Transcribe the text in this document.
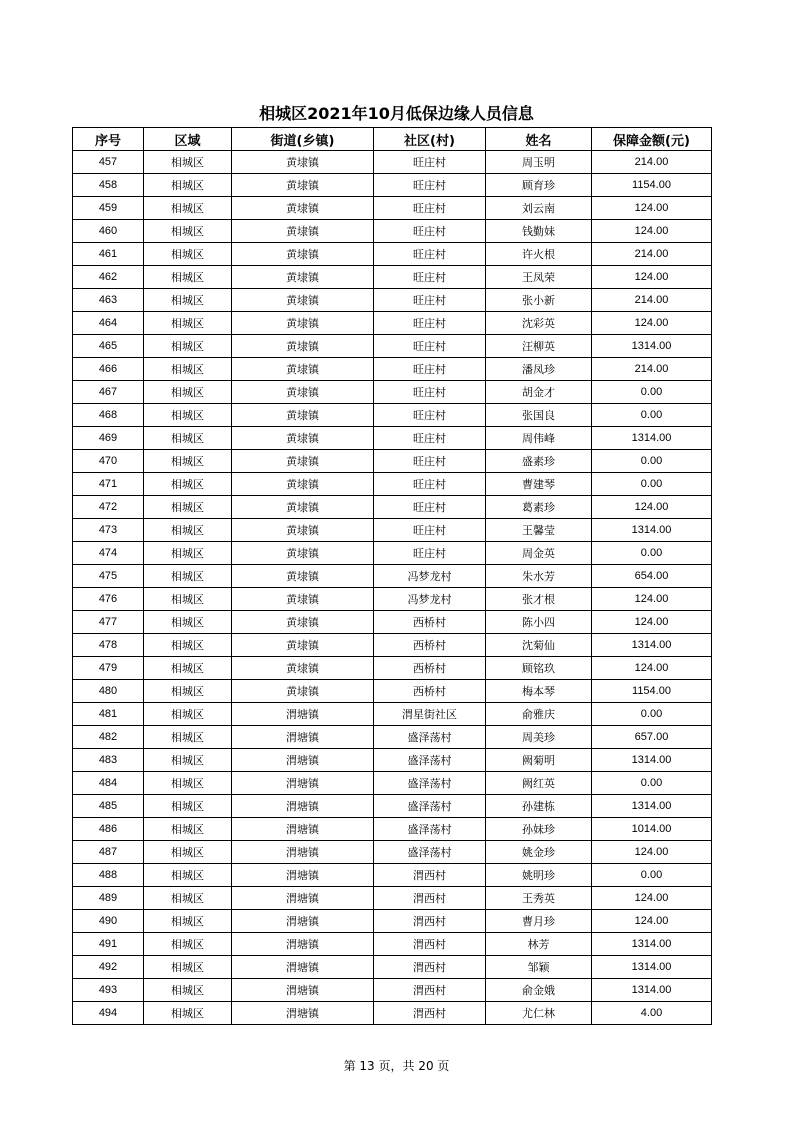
相城区2021年10月低保边缘人员信息
序号	区域	街道(乡镇)	社区(村)	姓名	保障金额(元)
457	相城区	黄埭镇	旺庄村	周玉明	214.00
458	相城区	黄埭镇	旺庄村	顾育珍	1154.00
459	相城区	黄埭镇	旺庄村	刘云南	124.00
460	相城区	黄埭镇	旺庄村	钱勤妹	124.00
461	相城区	黄埭镇	旺庄村	许火根	214.00
462	相城区	黄埭镇	旺庄村	王凤荣	124.00
463	相城区	黄埭镇	旺庄村	张小新	214.00
464	相城区	黄埭镇	旺庄村	沈彩英	124.00
465	相城区	黄埭镇	旺庄村	汪柳英	1314.00
466	相城区	黄埭镇	旺庄村	潘凤珍	214.00
467	相城区	黄埭镇	旺庄村	胡金才	0.00
468	相城区	黄埭镇	旺庄村	张国良	0.00
469	相城区	黄埭镇	旺庄村	周伟峰	1314.00
470	相城区	黄埭镇	旺庄村	盛素珍	0.00
471	相城区	黄埭镇	旺庄村	曹建琴	0.00
472	相城区	黄埭镇	旺庄村	葛素珍	124.00
473	相城区	黄埭镇	旺庄村	王馨莹	1314.00
474	相城区	黄埭镇	旺庄村	周金英	0.00
475	相城区	黄埭镇	冯梦龙村	朱水芳	654.00
476	相城区	黄埭镇	冯梦龙村	张才根	124.00
477	相城区	黄埭镇	西桥村	陈小四	124.00
478	相城区	黄埭镇	西桥村	沈菊仙	1314.00
479	相城区	黄埭镇	西桥村	顾铭玖	124.00
480	相城区	黄埭镇	西桥村	梅本琴	1154.00
481	相城区	渭塘镇	渭星街社区	俞雅庆	0.00
482	相城区	渭塘镇	盛泽荡村	周美珍	657.00
483	相城区	渭塘镇	盛泽荡村	阙菊明	1314.00
484	相城区	渭塘镇	盛泽荡村	阙红英	0.00
485	相城区	渭塘镇	盛泽荡村	孙建栋	1314.00
486	相城区	渭塘镇	盛泽荡村	孙妹珍	1014.00
487	相城区	渭塘镇	盛泽荡村	姚金珍	124.00
488	相城区	渭塘镇	渭西村	姚明珍	0.00
489	相城区	渭塘镇	渭西村	王秀英	124.00
490	相城区	渭塘镇	渭西村	曹月珍	124.00
491	相城区	渭塘镇	渭西村	林芳	1314.00
492	相城区	渭塘镇	渭西村	邹颖	1314.00
493	相城区	渭塘镇	渭西村	俞金娥	1314.00
494	相城区	渭塘镇	渭西村	尤仁林	4.00
第 13 页，共 20 页
